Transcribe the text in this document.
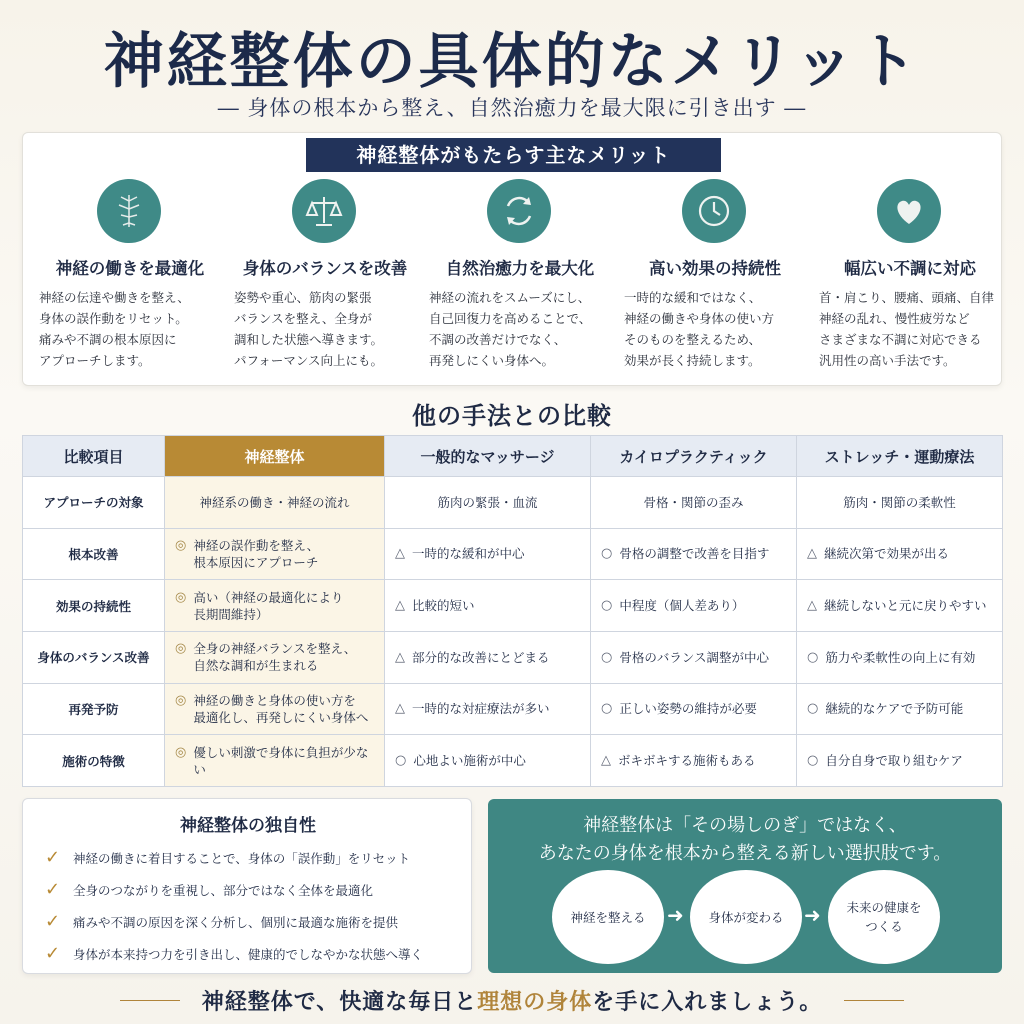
神経整体の具体的なメリット
― 身体の根本から整え、自然治癒力を最大限に引き出す ―
神経整体がもたらす主なメリット
神経の働きを最適化
神経の伝達や働きを整え、
身体の誤作動をリセット。
痛みや不調の根本原因に
アプローチします。
身体のバランスを改善
姿勢や重心、筋肉の緊張
バランスを整え、全身が
調和した状態へ導きます。
パフォーマンス向上にも。
自然治癒力を最大化
神経の流れをスムーズにし、
自己回復力を高めることで、
不調の改善だけでなく、
再発しにくい身体へ。
高い効果の持続性
一時的な緩和ではなく、
神経の働きや身体の使い方
そのものを整えるため、
効果が長く持続します。
幅広い不調に対応
首・肩こり、腰痛、頭痛、自律
神経の乱れ、慢性疲労など
さまざまな不調に対応できる
汎用性の高い手法です。
他の手法との比較
比較項目	神経整体	一般的なマッサージ	カイロプラクティック	ストレッチ・運動療法
アプローチの対象	神経系の働き・神経の流れ	筋肉の緊張・血流	骨格・関節の歪み	筋肉・関節の柔軟性
根本改善	◎ 神経の誤作動を整え、
根本原因にアプローチ	△ 一時的な緩和が中心	○ 骨格の調整で改善を目指す	△ 継続次第で効果が出る

効果の持続性	◎ 高い（神経の最適化により
長期間維持）	△ 比較的短い	○ 中程度（個人差あり）	△ 継続しないと元に戻りやすい

身体のバランス改善	◎ 全身の神経バランスを整え、
自然な調和が生まれる	△ 部分的な改善にとどまる	○ 骨格のバランス調整が中心	○ 筋力や柔軟性の向上に有効

再発予防	◎ 神経の働きと身体の使い方を
最適化し、再発しにくい身体へ	△ 一時的な対症療法が多い	○ 正しい姿勢の維持が必要	○ 継続的なケアで予防可能

施術の特徴	◎ 優しい刺激で身体に負担が少ない	○ 心地よい施術が中心	△ ボキボキする施術もある	○ 自分自身で取り組むケア
神経整体の独自性
✓ 神経の働きに着目することで、身体の「誤作動」をリセット
✓ 全身のつながりを重視し、部分ではなく全体を最適化
✓ 痛みや不調の原因を深く分析し、個別に最適な施術を提供
✓ 身体が本来持つ力を引き出し、健康的でしなやかな状態へ導く
神経整体は「その場しのぎ」ではなく、
あなたの身体を根本から整える新しい選択肢です。
神経を整える	➜	身体が変わる	➜	未来の健康を
つくる
神経整体で、快適な毎日と理想の身体を手に入れましょう。
